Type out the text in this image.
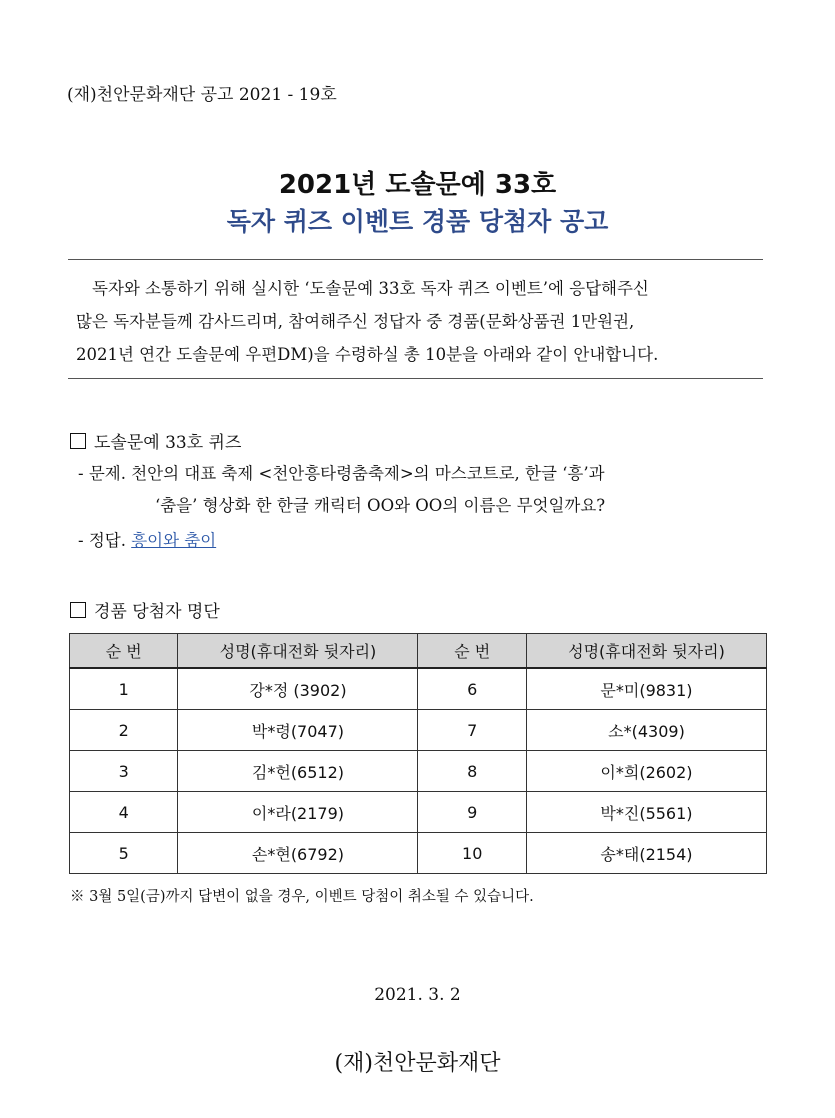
(재)천안문화재단 공고 2021 - 19호
2021년 도솔문예 33호
독자 퀴즈 이벤트 경품 당첨자 공고
독자와 소통하기 위해 실시한 ‘도솔문예 33호 독자 퀴즈 이벤트’에 응답해주신
많은 독자분들께 감사드리며, 참여해주신 정답자 중 경품(문화상품권 1만원권,
2021년 연간 도솔문예 우편DM)을 수령하실 총 10분을 아래와 같이 안내합니다.
도솔문예 33호 퀴즈
- 문제. 천안의 대표 축제 <천안흥타령춤축제>의 마스코트로, 한글 ‘흥’과
‘춤을’ 형상화 한 한글 캐릭터 OO와 OO의 이름은 무엇일까요?
- 정답. 흥이와 춤이
경품 당첨자 명단
순 번	성명(휴대전화 뒷자리)	순 번	성명(휴대전화 뒷자리)
1	강*정 (3902)	6	문*미(9831)
2	박*령(7047)	7	소*(4309)
3	김*헌(6512)	8	이*희(2602)
4	이*라(2179)	9	박*진(5561)
5	손*현(6792)	10	송*태(2154)
※ 3월 5일(금)까지 답변이 없을 경우, 이벤트 당첨이 취소될 수 있습니다.
2021. 3. 2
(재)천안문화재단
